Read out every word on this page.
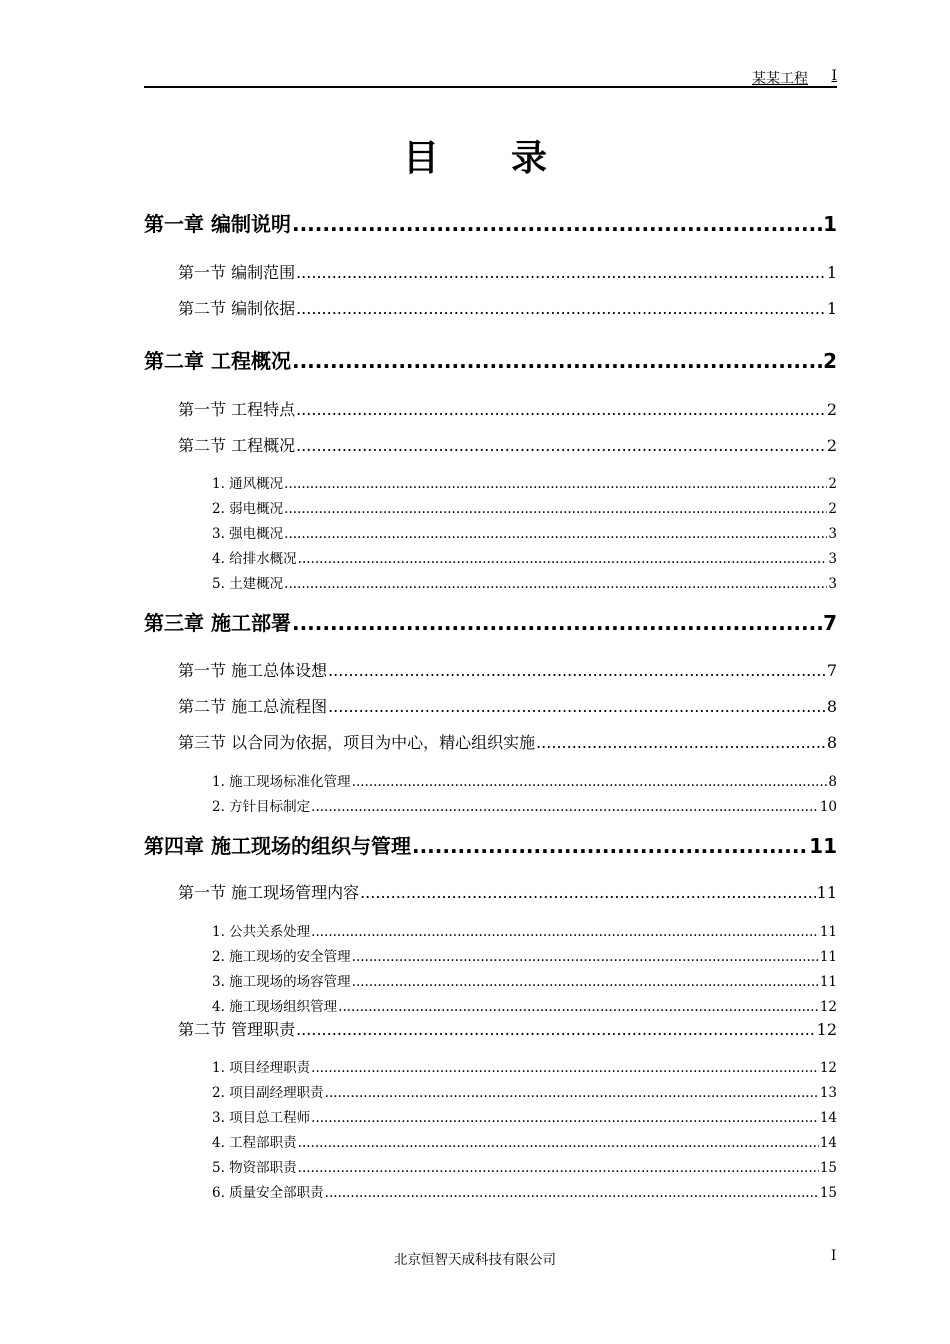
某某工程 I
目录
第一章 编制说明 .....	1
第一节 编制范围 .....	1
第二节 编制依据 .....	1
第二章 工程概况 .....	2
第一节 工程特点 .....	2
第二节 工程概况 .....	2
1. 通风概况 .....	2
2. 弱电概况 .....	2
3. 强电概况 .....	3
4. 给排水概况 .....	3
5. 土建概况 .....	3
第三章 施工部署 .....	7
第一节 施工总体设想 .....	7
第二节 施工总流程图 .....	8
第三节 以合同为依据，项目为中心，精心组织实施 .....	8
1. 施工现场标准化管理 .....	8
2. 方针目标制定 .....	10
第四章 施工现场的组织与管理 .....	11
第一节 施工现场管理内容 .....	11
1. 公共关系处理 .....	11
2. 施工现场的安全管理 .....	11
3. 施工现场的场容管理 .....	11
4. 施工现场组织管理 .....	12
第二节 管理职责 .....	12
1. 项目经理职责 .....	12
2. 项目副经理职责 .....	13
3. 项目总工程师 .....	14
4. 工程部职责 .....	14
5. 物资部职责 .....	15
6. 质量安全部职责 .....	15
北京恒智天成科技有限公司	I
